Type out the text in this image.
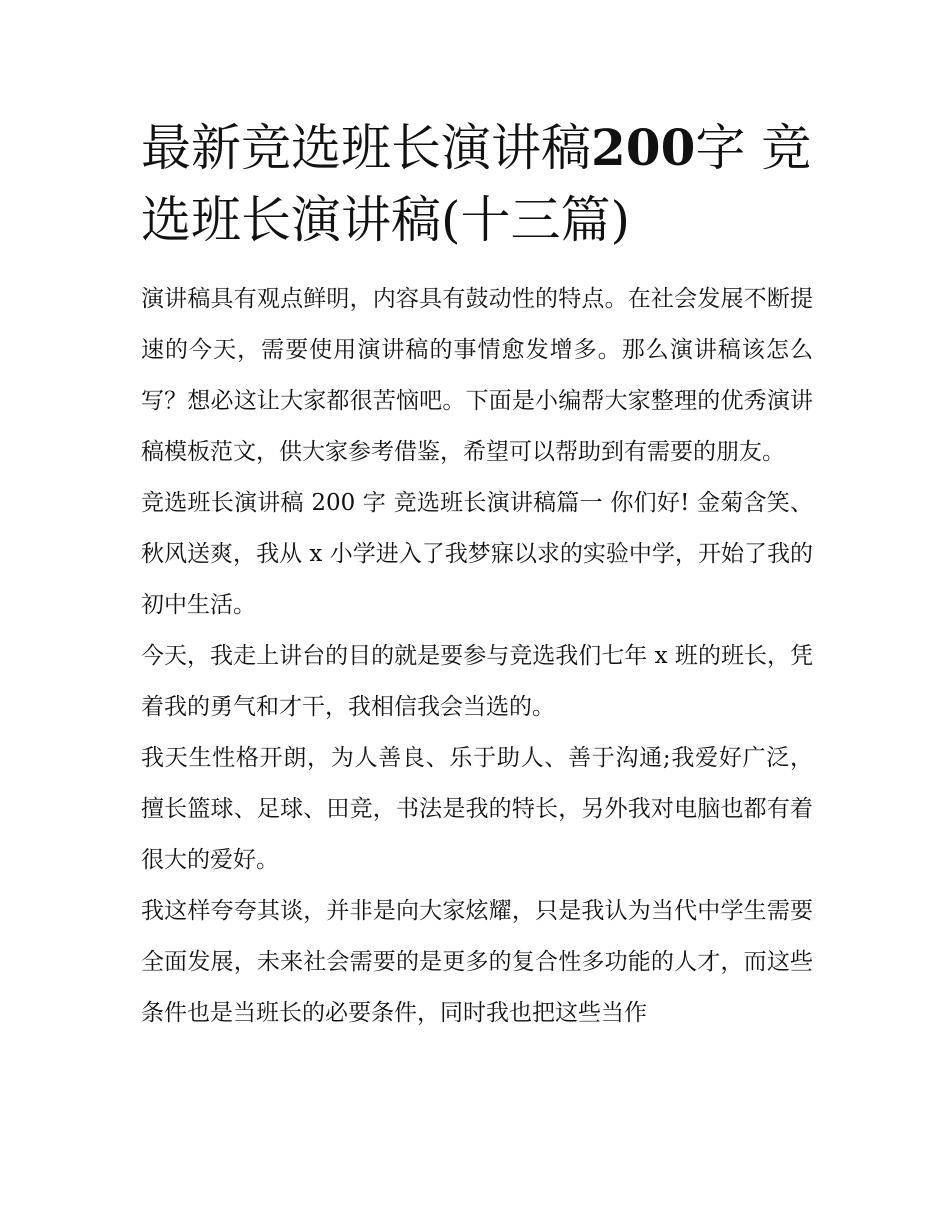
最新竞选班长演讲稿200字 竞选班长演讲稿(十三篇)

演讲稿具有观点鲜明，内容具有鼓动性的特点。在社会发展不断提速的今天，需要使用演讲稿的事情愈发增多。那么演讲稿该怎么写？想必这让大家都很苦恼吧。下面是小编帮大家整理的优秀演讲稿模板范文，供大家参考借鉴，希望可以帮助到有需要的朋友。

竞选班长演讲稿 200 字 竞选班长演讲稿篇一 你们好! 金菊含笑、秋风送爽，我从 x 小学进入了我梦寐以求的实验中学，开始了我的初中生活。

今天，我走上讲台的目的就是要参与竞选我们七年 x 班的班长，凭着我的勇气和才干，我相信我会当选的。

我天生性格开朗，为人善良、乐于助人、善于沟通;我爱好广泛，擅长篮球、足球、田竞，书法是我的特长，另外我对电脑也都有着很大的爱好。

我这样夸夸其谈，并非是向大家炫耀，只是我认为当代中学生需要全面发展，未来社会需要的是更多的复合性多功能的人才，而这些条件也是当班长的必要条件，同时我也把这些当作
